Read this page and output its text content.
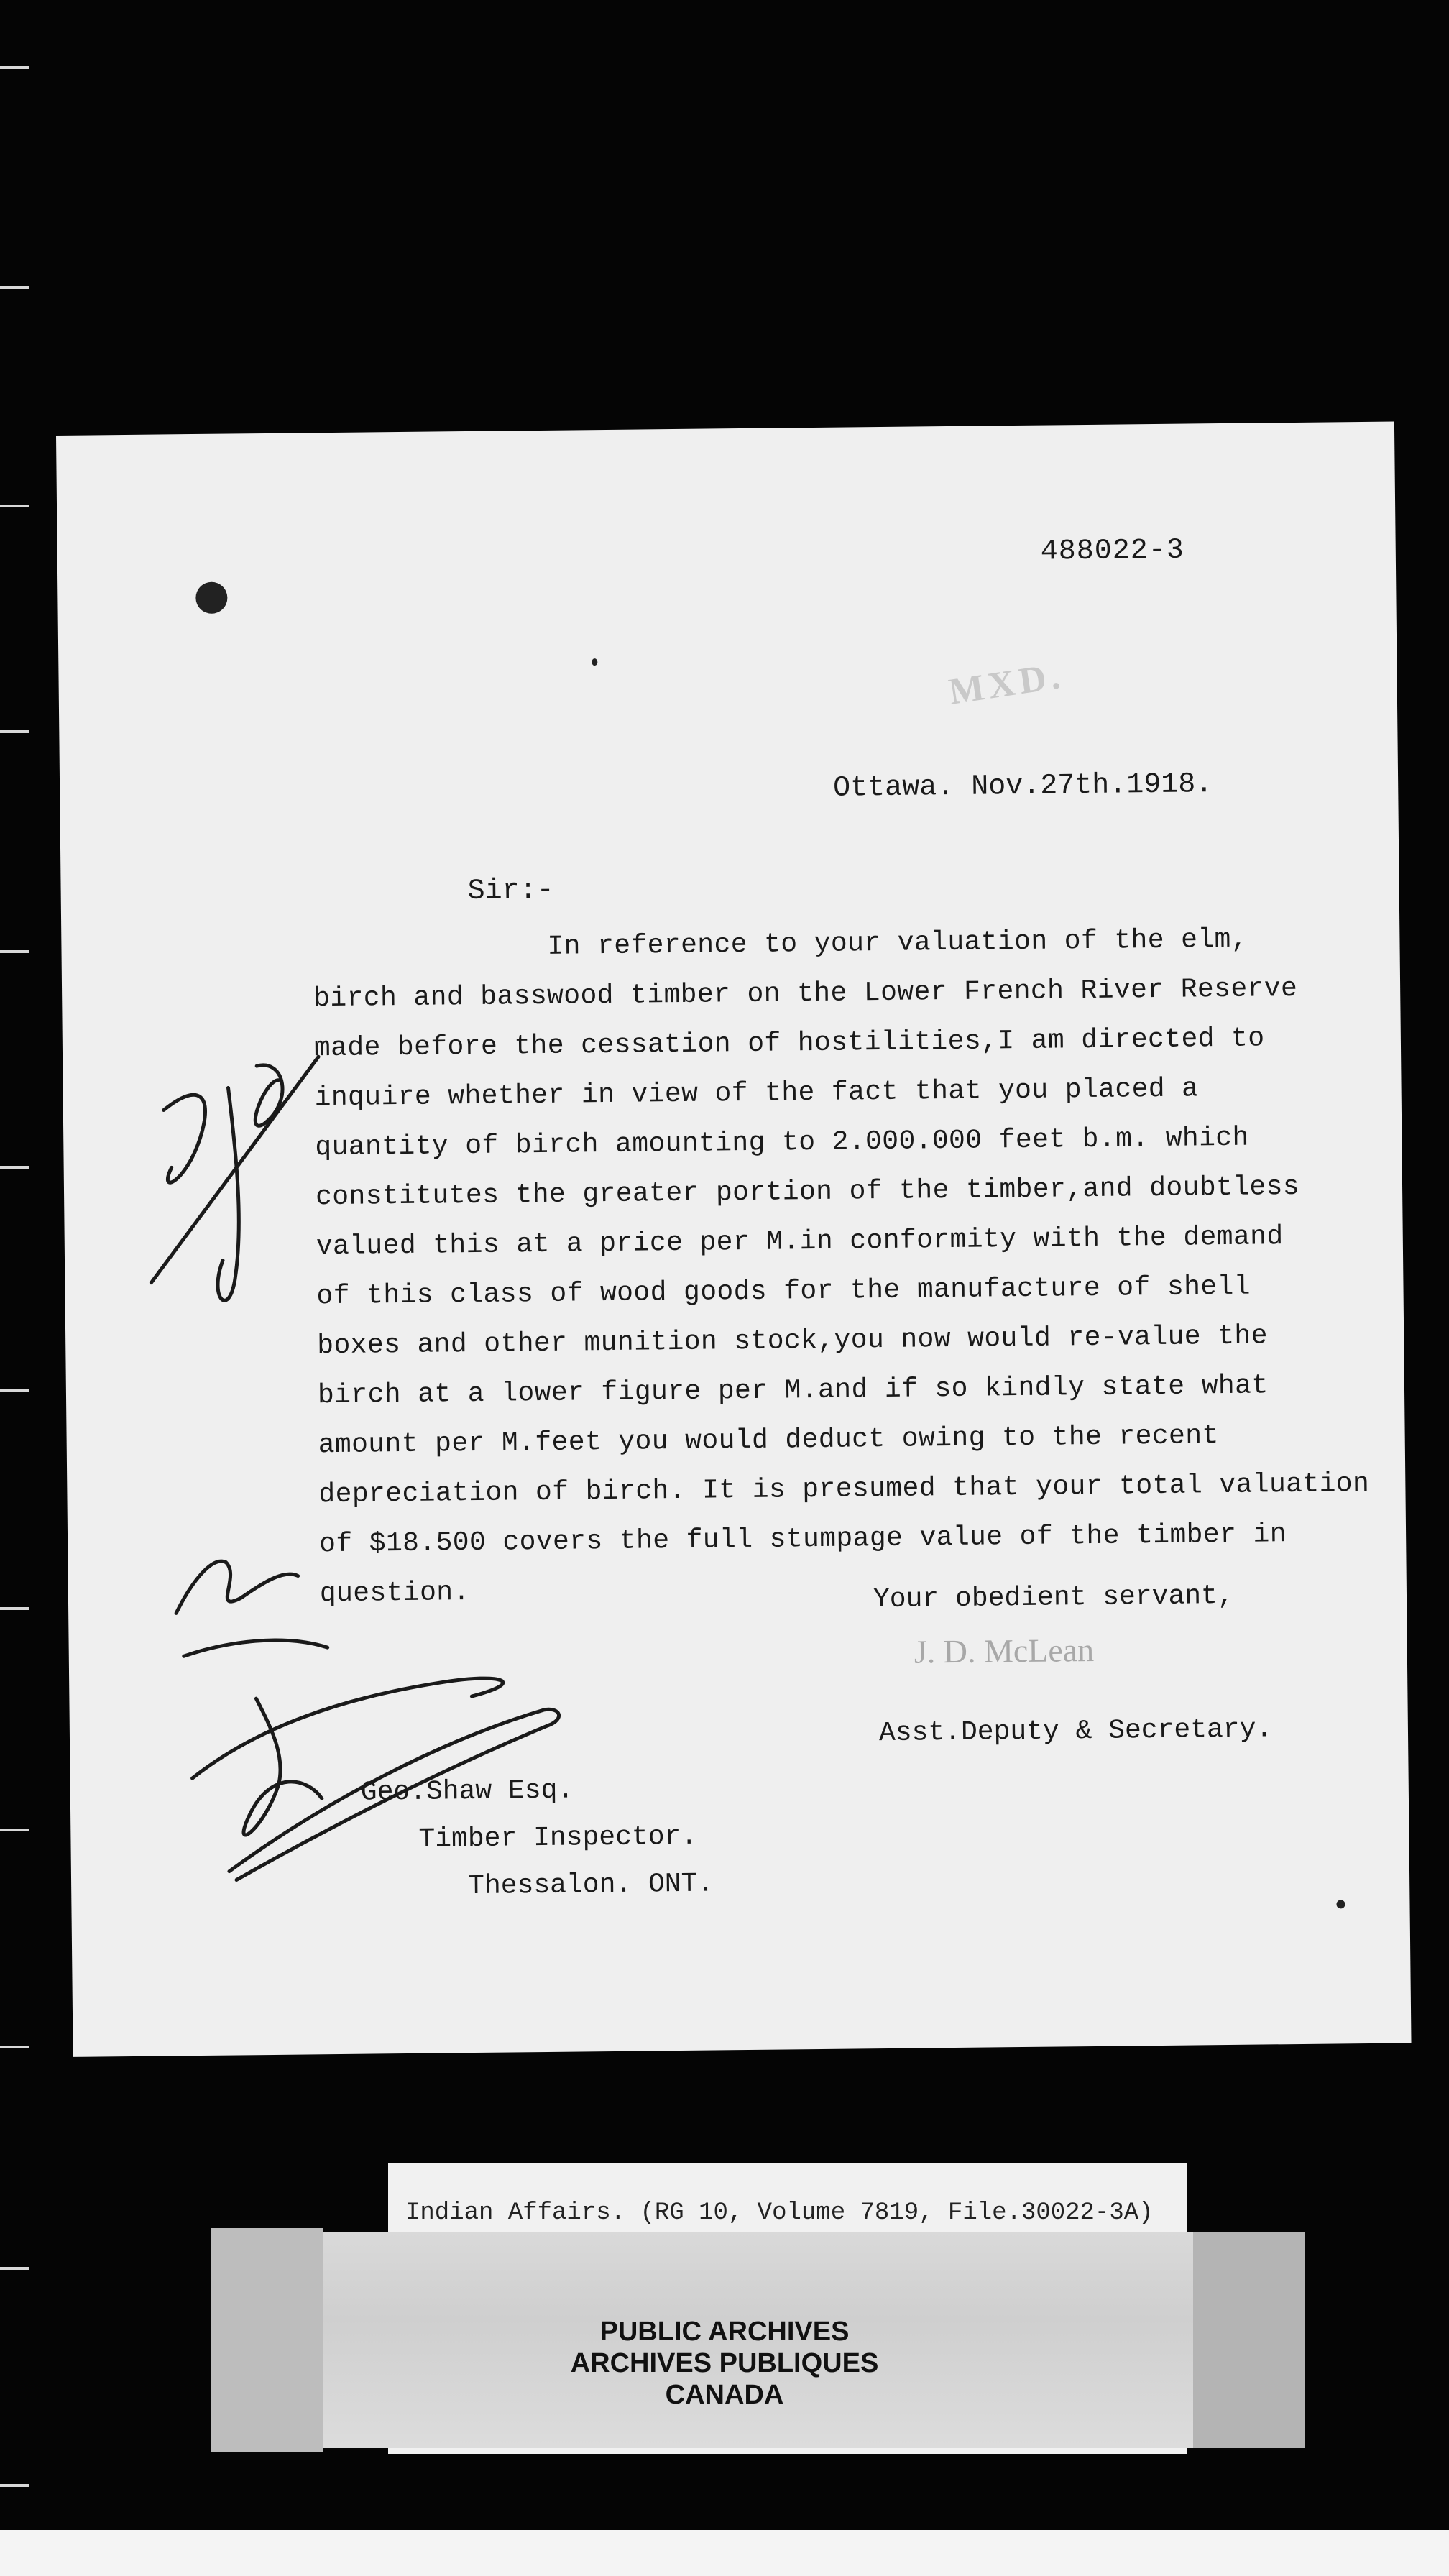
488022-3
MXD.
Ottawa. Nov.27th.1918.
Sir:-
In reference to your valuation of the elm,
birch and basswood timber on the Lower French River Reserve
made before the cessation of hostilities,I am directed to
inquire whether in view of the fact that you placed a
quantity of birch amounting to 2.000.000 feet b.m. which
constitutes the greater portion of the timber,and doubtless
valued this at a price per M.in conformity with the demand
of this class of wood goods for the manufacture of shell
boxes and other munition stock,you now would re-value the
birch at a lower figure per M.and if so kindly state what
amount per M.feet you would deduct owing to the recent
depreciation of birch. It is presumed that your total valuation
of $18.500 covers the full stumpage value of the timber in
question.	Your obedient servant,
J. D. McLean
Asst.Deputy & Secretary.
Geo.Shaw Esq.
Timber Inspector.
Thessalon. ONT.
Indian Affairs. (RG 10, Volume 7819, File.30022-3A)
PUBLIC ARCHIVES
ARCHIVES PUBLIQUES
CANADA
